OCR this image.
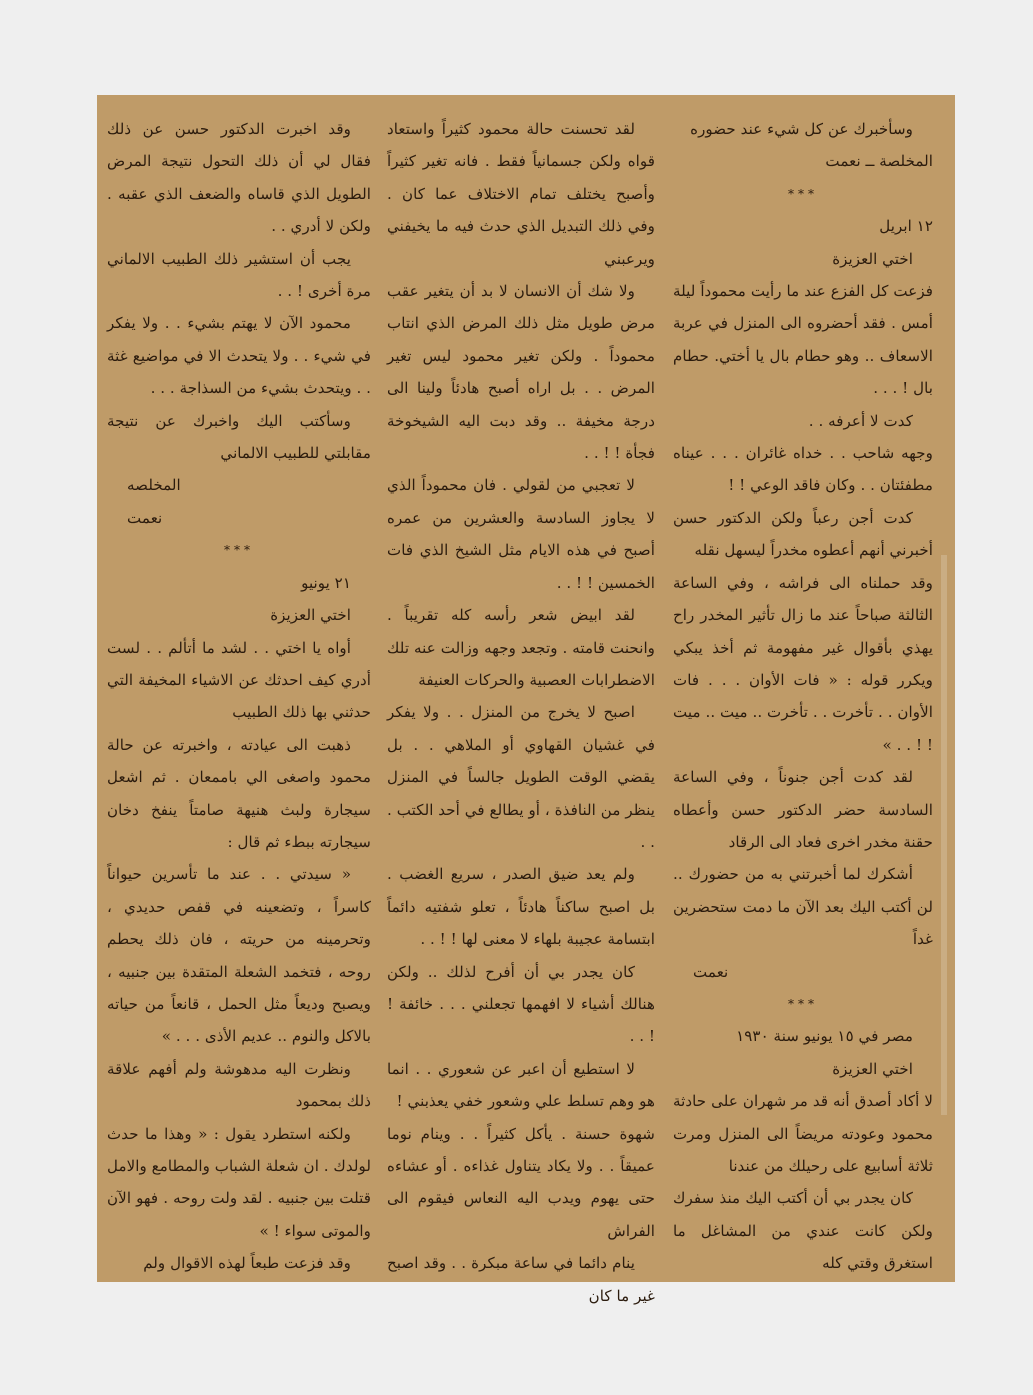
وسأخبرك عن كل شيء عند حضوره

المخلصة ــ نعمت

***

١٢ ابريل

اختي العزيزة

فزعت كل الفزع عند ما رأيت محموداً ليلة أمس . فقد أحضروه الى المنزل في عربة الاسعاف .. وهو حطام بال يا أختي. حطام بال ! . . .

كدت لا أعرفه . .

وجهه شاحب . . خداه غائران . . . عيناه مطفئتان . . وكان فاقد الوعي ! !

كدت أجن رعباً ولكن الدكتور حسن أخبرني أنهم أعطوه مخدراً ليسهل نقله

وقد حملناه الى فراشه ، وفي الساعة الثالثة صباحاً عند ما زال تأثير المخدر راح يهذي بأقوال غير مفهومة ثم أخذ يبكي ويكرر قوله : « فات الأوان . . . فات الأوان . . تأخرت . . تأخرت .. ميت .. ميت ! ! . . »

لقد كدت أجن جنوناً ، وفي الساعة السادسة حضر الدكتور حسن وأعطاه حقنة مخدر اخرى فعاد الى الرقاد

أشكرك لما أخبرتني به من حضورك .. لن أكتب اليك بعد الآن ما دمت ستحضرين غداً

نعمت

***

مصر في ١٥ يونيو سنة ١٩٣٠

اختي العزيزة

لا أكاد أصدق أنه قد مر شهران على حادثة محمود وعودته مريضاً الى المنزل ومرت ثلاثة أسابيع على رحيلك من عندنا

كان يجدر بي أن أكتب اليك منذ سفرك ولكن كانت عندي من المشاغل ما استغرق وقتي كله

لقد تحسنت حالة محمود كثيراً واستعاد قواه ولكن جسمانياً فقط . فانه تغير كثيراً وأصبح يختلف تمام الاختلاف عما كان . وفي ذلك التبديل الذي حدث فيه ما يخيفني ويرعبني

ولا شك أن الانسان لا بد أن يتغير عقب مرض طويل مثل ذلك المرض الذي انتاب محموداً . ولكن تغير محمود ليس تغير المرض . . بل اراه أصبح هادئاً ولينا الى درجة مخيفة .. وقد دبت اليه الشيخوخة فجأة ! ! . .

لا تعجبي من لقولي . فان محموداً الذي لا يجاوز السادسة والعشرين من عمره أصبح في هذه الايام مثل الشيخ الذي فات الخمسين ! ! . .

لقد ابيض شعر رأسه كله تقريباً . وانحنت قامته . وتجعد وجهه وزالت عنه تلك الاضطرابات العصبية والحركات العنيفة

اصبح لا يخرج من المنزل . . ولا يفكر في غشيان القهاوي أو الملاهي . . بل يقضي الوقت الطويل جالساً في المنزل ينظر من النافذة ، أو يطالع في أحد الكتب . . .

ولم يعد ضيق الصدر ، سريع الغضب . بل اصبح ساكناً هادئاً ، تعلو شفتيه دائماً ابتسامة عجيبة بلهاء لا معنى لها ! ! . .

كان يجدر بي أن أفرح لذلك .. ولكن هنالك أشياء لا افهمها تجعلني . . . خائفة ! ! . .

لا استطيع أن اعبر عن شعوري . . انما هو وهم تسلط علي وشعور خفي يعذبني !

شهوة حسنة . يأكل كثيراً . . وينام نوما عميقاً . . ولا يكاد يتناول غذاءه . أو عشاءه حتى يهوم ويدب اليه النعاس فيقوم الى الفراش

ينام دائما في ساعة مبكرة . . وقد اصبح غير ما كان

وقد اخبرت الدكتور حسن عن ذلك فقال لي أن ذلك التحول نتيجة المرض الطويل الذي قاساه والضعف الذي عقبه . ولكن لا أدري . .

يجب أن استشير ذلك الطبيب الالماني مرة أخرى ! . .

محمود الآن لا يهتم بشيء . . ولا يفكر في شيء . . ولا يتحدث الا في مواضيع غثة . . ويتحدث بشيء من السذاجة . . .

وسأكتب اليك واخبرك عن نتيجة مقابلتي للطبيب الالماني

المخلصه

نعمت

***

٢١ يونيو

اختي العزيزة

أواه يا اختي . . لشد ما أتألم . . لست أدري كيف احدثك عن الاشياء المخيفة التي حدثني بها ذلك الطبيب

ذهبت الى عيادته ، واخبرته عن حالة محمود واصغى الي باممعان . ثم اشعل سيجارة ولبث هنيهة صامتاً ينفخ دخان سيجارته ببطء ثم قال :

« سيدتي . . عند ما تأسرين حيواناً كاسراً ، وتضعينه في قفص حديدي ، وتحرمينه من حريته ، فان ذلك يحطم روحه ، فتخمد الشعلة المتقدة بين جنبيه ، ويصبح وديعاً مثل الحمل ، قانعاً من حياته بالاكل والنوم .. عديم الأذى . . . »

ونظرت اليه مدهوشة ولم أفهم علاقة ذلك بمحمود

ولكنه استطرد يقول : « وهذا ما حدث لولدك . ان شعلة الشباب والمطامع والامل قتلت بين جنبيه . لقد ولت روحه . فهو الآن والموتى سواء ! »

وقد فزعت طبعاً لهذه الاقوال ولم
